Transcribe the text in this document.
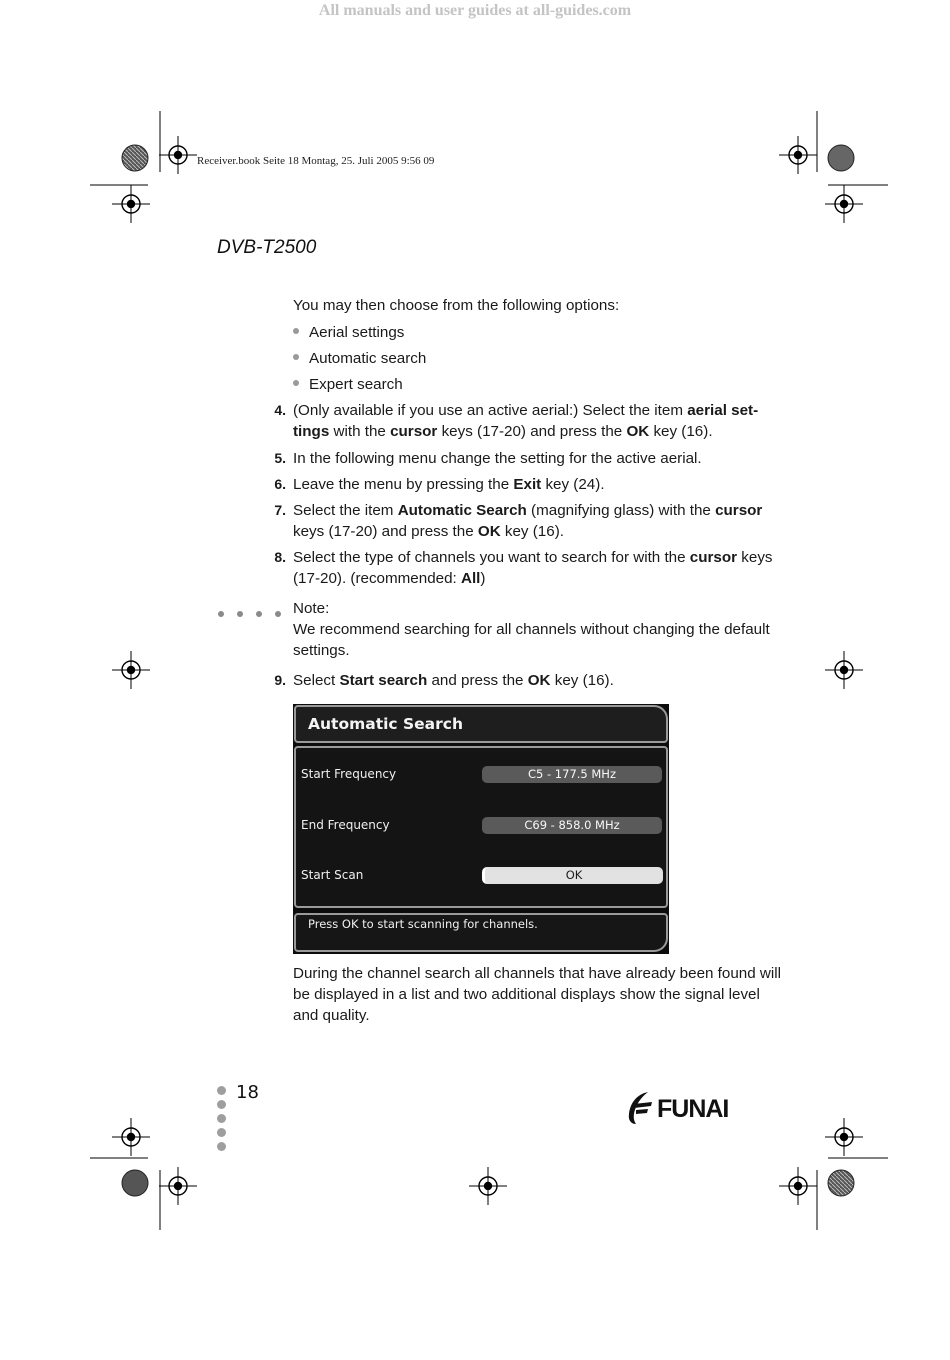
All manuals and user guides at all-guides.com
Receiver.book Seite 18 Montag, 25. Juli 2005 9:56 09
DVB-T2500
You may then choose from the following options:
Aerial settings
Automatic search
Expert search
4. (Only available if you use an active aerial:) Select the item aerial set-
tings with the cursor keys (17-20) and press the OK key (16).
5. In the following menu change the setting for the active aerial.
6. Leave the menu by pressing the Exit key (24).
7. Select the item Automatic Search (magnifying glass) with the cursor
keys (17-20) and press the OK key (16).
8. Select the type of channels you want to search for with the cursor keys
(17-20). (recommended: All)
Note:
We recommend searching for all channels without changing the default
settings.
9. Select Start search and press the OK key (16).
Automatic Search
Start Frequency	C5 - 177.5 MHz
End Frequency	C69 - 858.0 MHz
Start Scan	OK
Press OK to start scanning for channels.
During the channel search all channels that have already been found will
be displayed in a list and two additional displays show the signal level
and quality.
18
FUNAI
